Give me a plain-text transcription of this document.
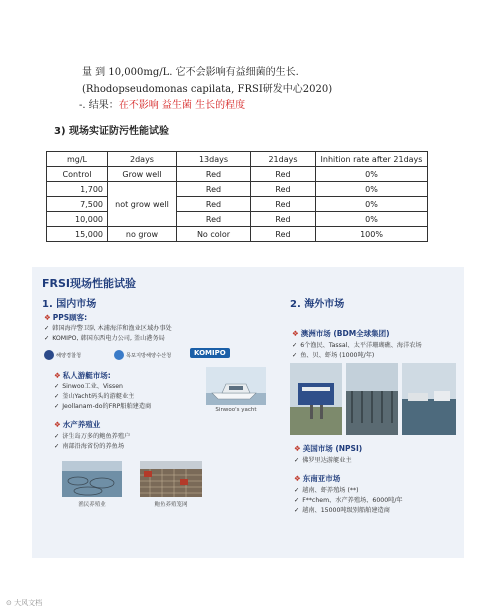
量 到 10,000mg/L. 它不会影响有益细菌的生长.
(Rhodopseudomonas capilata, FRSI研发中心2020)
-. 结果：在不影响 益生菌 生长的程度
3) 现场实证防污性能试验
mg/L	2days	13days	21days	Inhition rate after 21days
Control	Grow well	Red	Red	0%
1,700	not grow well	Red	Red	0%
7,500		Red	Red	0%
10,000		Red	Red	0%
15,000	no grow	No color	Red	100%
FRSI现场性能试验
1. 国内市场	2. 海外市场
❖ PPS顾客:
✓ 韩国海岸警卫队 木浦海洋和渔业区域办事处
✓ KOMIPO, 韩国东西电力公司, 釜山港务局
해양경찰청	목포지방해양수산청	KOMIPO
❖ 私人游艇市场:
✓ Sinwoo工业、Vissen
✓ 釜山Yacht码头的游艇业主
✓ Jeollanam-do的FRP船舶建造商	Sinwoo's yacht
❖ 水产养殖业
✓ 济生岛万多的鲍鱼养殖户
✓ 南部沿海省份的养鱼场
渔民养殖业	鲍鱼养殖笼网
❖ 澳洲市场 (BDM全球集团)
✓ 6个渔民、Tassal、太平洋珊瑚礁、海洋农场
✓ 鱼、贝、虾场 (1000吨/年)
❖ 美国市场 (NPSI)
✓ 佛罗里达游艇业主
❖ 东南亚市场
✓ 越南、虾养殖场 (**)
✓ F**chem、水产养殖场、6000吨/年
✓ 越南、15000吨级别船舶建造商
⊙ 大风文档
